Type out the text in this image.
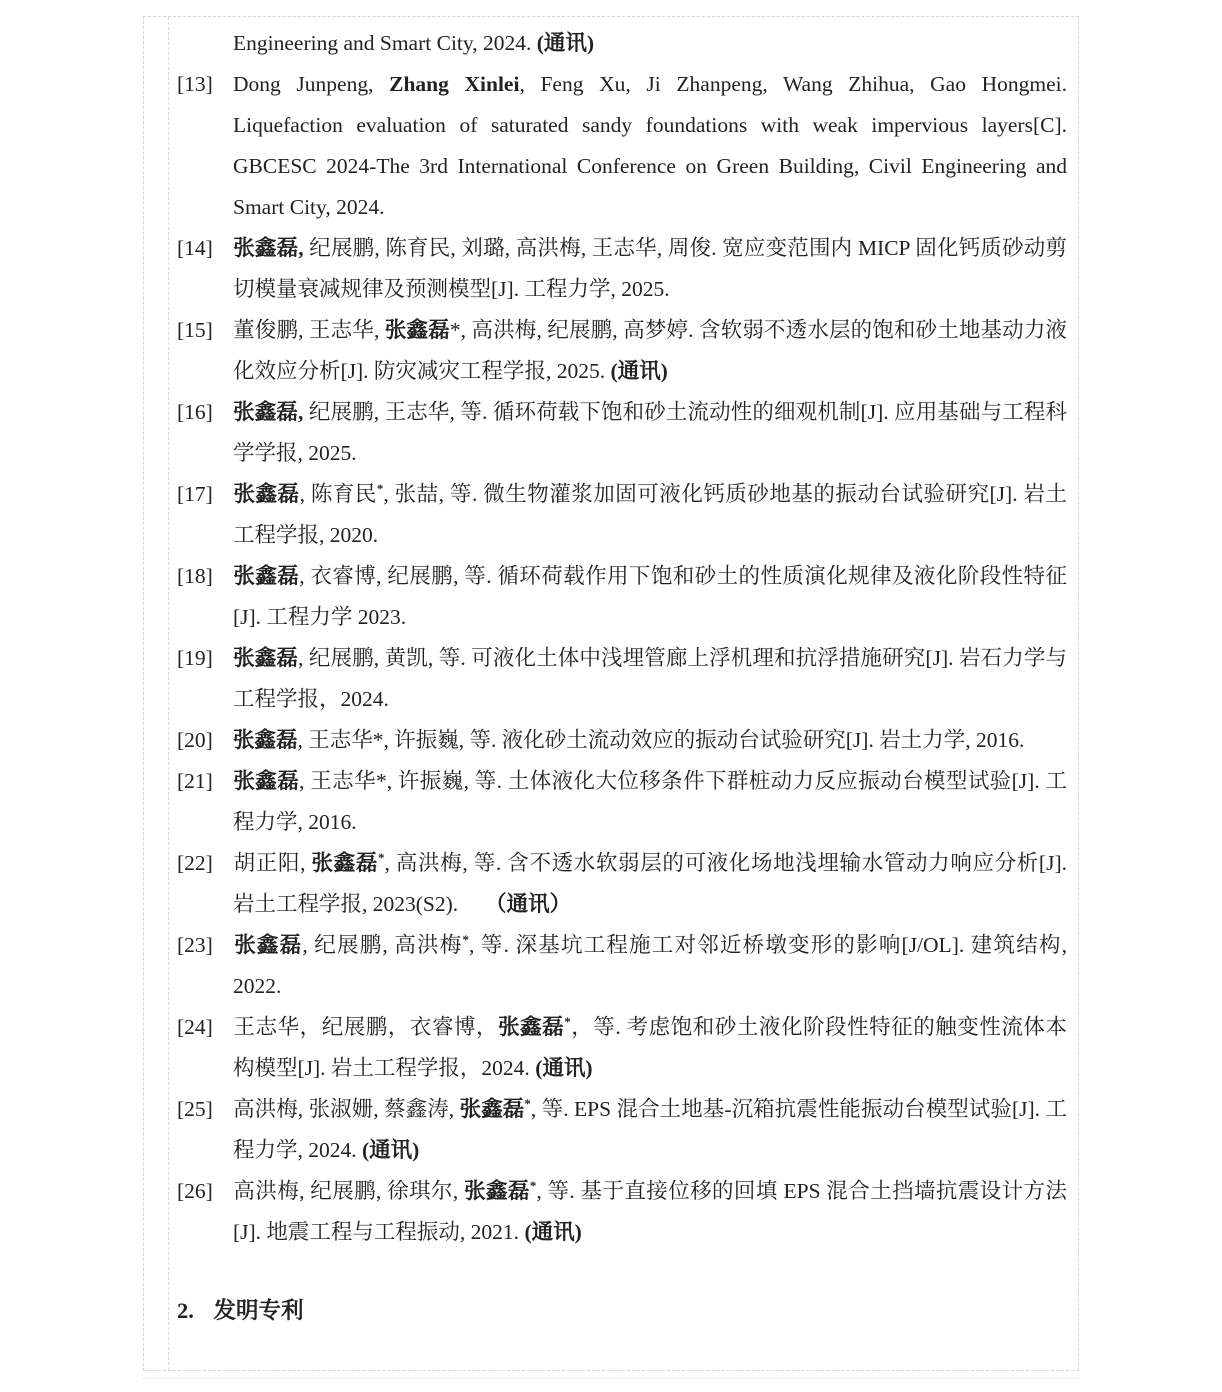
Engineering and Smart City, 2024. (通讯)

[13] Dong Junpeng, Zhang Xinlei, Feng Xu, Ji Zhanpeng, Wang Zhihua, Gao Hongmei. Liquefaction evaluation of saturated sandy foundations with weak impervious layers[C]. GBCESC 2024-The 3rd International Conference on Green Building, Civil Engineering and Smart City, 2024.

[14] 张鑫磊, 纪展鹏, 陈育民, 刘璐, 高洪梅, 王志华, 周俊. 宽应变范围内 MICP 固化钙质砂动剪切模量衰减规律及预测模型[J]. 工程力学, 2025.

[15] 董俊鹏, 王志华, 张鑫磊*, 高洪梅, 纪展鹏, 高梦婷. 含软弱不透水层的饱和砂土地基动力液化效应分析[J]. 防灾减灾工程学报, 2025. (通讯)

[16] 张鑫磊, 纪展鹏, 王志华, 等. 循环荷载下饱和砂土流动性的细观机制[J]. 应用基础与工程科学学报, 2025.

[17] 张鑫磊, 陈育民*, 张喆, 等. 微生物灌浆加固可液化钙质砂地基的振动台试验研究[J]. 岩土工程学报, 2020.

[18] 张鑫磊, 衣睿博, 纪展鹏, 等. 循环荷载作用下饱和砂土的性质演化规律及液化阶段性特征[J]. 工程力学 2023.

[19] 张鑫磊, 纪展鹏, 黄凯, 等. 可液化土体中浅埋管廊上浮机理和抗浮措施研究[J]. 岩石力学与工程学报，2024.

[20] 张鑫磊, 王志华*, 许振巍, 等. 液化砂土流动效应的振动台试验研究[J]. 岩土力学, 2016.

[21] 张鑫磊, 王志华*, 许振巍, 等. 土体液化大位移条件下群桩动力反应振动台模型试验[J]. 工程力学, 2016.

[22] 胡正阳, 张鑫磊*, 高洪梅, 等. 含不透水软弱层的可液化场地浅埋输水管动力响应分析[J]. 岩土工程学报, 2023(S2).  （通讯）

[23] 张鑫磊, 纪展鹏, 高洪梅*, 等. 深基坑工程施工对邻近桥墩变形的影响[J/OL]. 建筑结构, 2022.

[24] 王志华，纪展鹏，衣睿博，张鑫磊*，等. 考虑饱和砂土液化阶段性特征的触变性流体本构模型[J]. 岩土工程学报，2024. (通讯)

[25] 高洪梅, 张淑姗, 蔡鑫涛, 张鑫磊*, 等. EPS 混合土地基-沉箱抗震性能振动台模型试验[J]. 工程力学, 2024. (通讯)

[26] 高洪梅, 纪展鹏, 徐琪尔, 张鑫磊*, 等. 基于直接位移的回填 EPS 混合土挡墙抗震设计方法[J]. 地震工程与工程振动, 2021. (通讯)

2. 发明专利
